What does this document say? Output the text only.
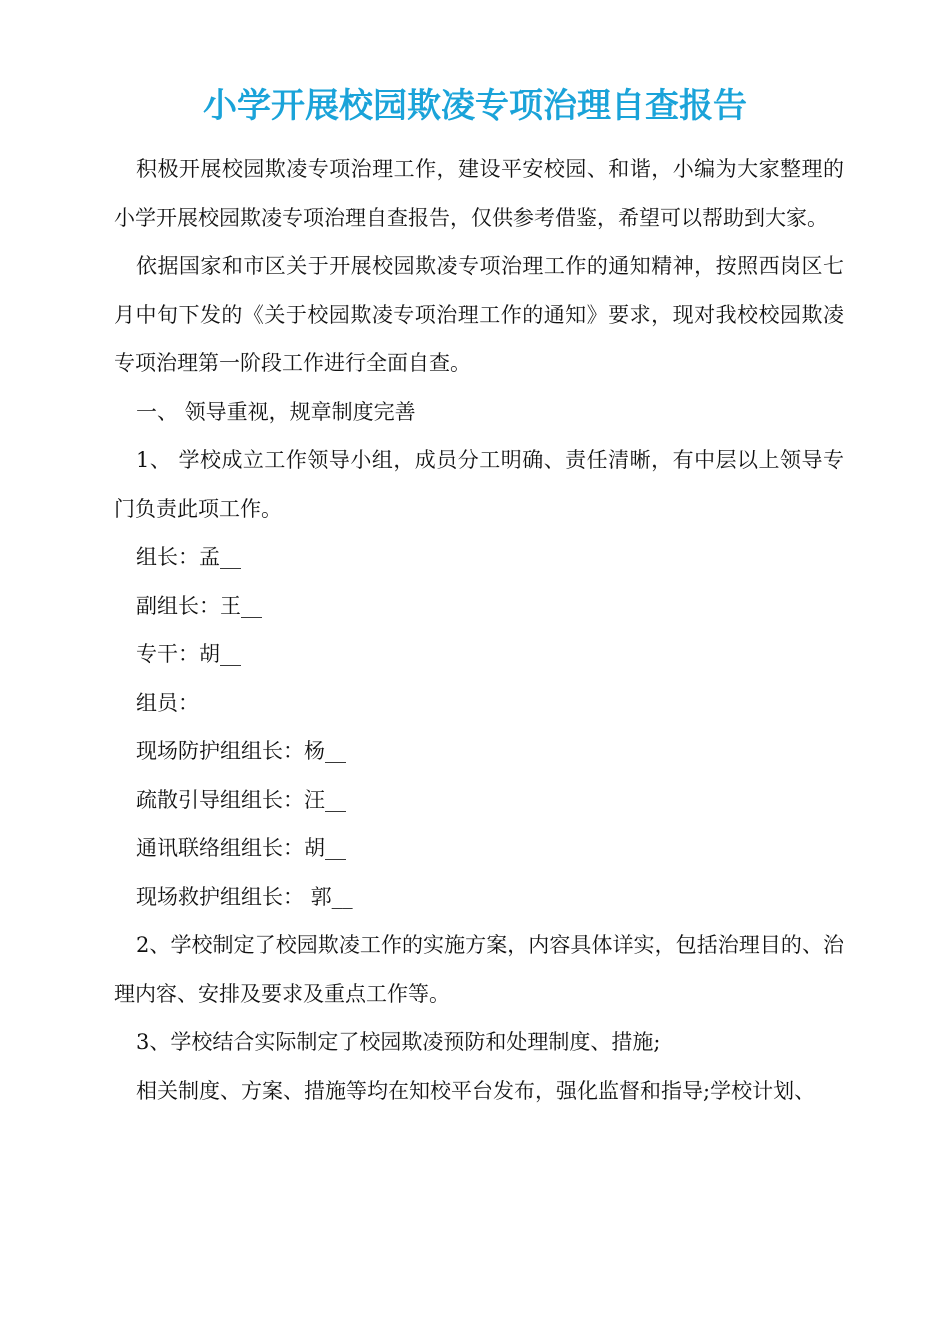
小学开展校园欺凌专项治理自查报告

积极开展校园欺凌专项治理工作，建设平安校园、和谐，小编为大家整理的小学开展校园欺凌专项治理自查报告，仅供参考借鉴，希望可以帮助到大家。

依据国家和市区关于开展校园欺凌专项治理工作的通知精神，按照西岗区七月中旬下发的《关于校园欺凌专项治理工作的通知》要求，现对我校校园欺凌专项治理第一阶段工作进行全面自查。

一、 领导重视，规章制度完善

1、 学校成立工作领导小组，成员分工明确、责任清晰，有中层以上领导专门负责此项工作。

组长：孟__

副组长：王__

专干：胡__

组员：

现场防护组组长：杨__

疏散引导组组长：汪__

通讯联络组组长：胡__

现场救护组组长： 郭__

2、学校制定了校园欺凌工作的实施方案，内容具体详实，包括治理目的、治理内容、安排及要求及重点工作等。

3、学校结合实际制定了校园欺凌预防和处理制度、措施;

相关制度、方案、措施等均在知校平台发布，强化监督和指导;学校计划、
